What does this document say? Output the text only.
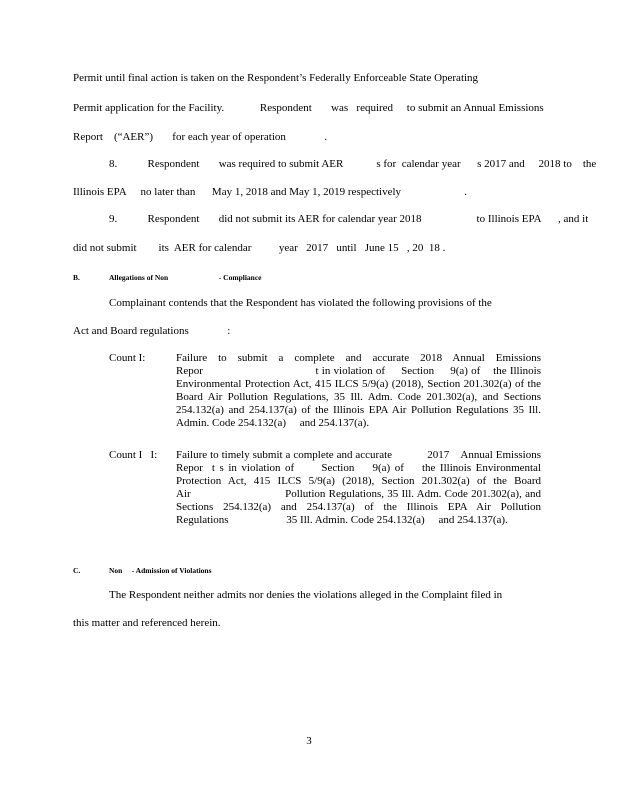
Permit until final action is taken on the Respondent’s Federally Enforceable State Operating
Permit application for the Facility.             Respondent       was   required     to submit an Annual Emissions
Report    (“AER”)       for each year of operation              .
8.           Respondent       was required to submit AER            s for  calendar year      s 2017 and     2018 to    the
Illinois EPA     no later than      May 1, 2018 and May 1, 2019 respectively                       .
9.           Respondent       did not submit its AER for calendar year 2018                    to Illinois EPA      , and it
did not submit        its  AER for calendar          year   2017   until   June 15   , 20  18 .
B.	Allegations of Non                           - Compliance
Complainant contends that the Respondent has violated the following provisions of the
Act and Board regulations              :
Count I:	Failure to submit a complete and accurate 2018 Annual Emissions Repor                                   t in violation of     Section     9(a) of    the Illinois Environmental Protection Act, 415 ILCS 5/9(a) (2018), Section 201.302(a) of the Board Air Pollution Regulations, 35 Ill. Adm. Code 201.302(a), and Sections 254.132(a) and 254.137(a) of the Illinois EPA Air Pollution Regulations 35 Ill. Admin. Code 254.132(a)     and 254.137(a).
Count I   I: Failure to timely submit a complete and accurate            2017    Annual Emissions Repor  t s in violation of      Section    9(a) of    the Illinois Environmental Protection Act, 415 ILCS 5/9(a) (2018), Section 201.302(a) of the Board Air                             Pollution Regulations, 35 Ill. Adm. Code 201.302(a), and Sections 254.132(a) and 254.137(a) of the Illinois EPA Air Pollution Regulations                     35 Ill. Admin. Code 254.132(a)     and 254.137(a).
C.	Non     - Admission of Violations
The Respondent neither admits nor denies the violations alleged in the Complaint filed in
this matter and referenced herein.
3
